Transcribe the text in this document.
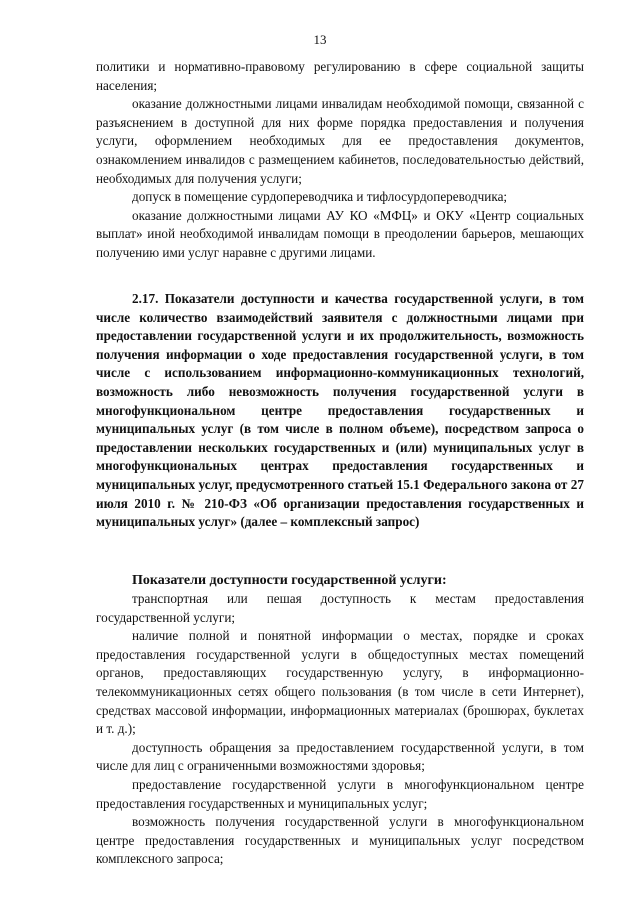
13

политики и нормативно-правовому регулированию в сфере социальной защиты населения;

оказание должностными лицами инвалидам необходимой помощи, связанной с разъяснением в доступной для них форме порядка предоставления и получения услуги, оформлением необходимых для ее предоставления документов, ознакомлением инвалидов с размещением кабинетов, последовательностью действий, необходимых для получения услуги;

допуск в помещение сурдопереводчика и тифлосурдопереводчика;

оказание должностными лицами АУ КО «МФЦ» и ОКУ «Центр социальных выплат» иной необходимой инвалидам помощи в преодолении барьеров, мешающих получению ими услуг наравне с другими лицами.

2.17. Показатели доступности и качества государственной услуги, в том числе количество взаимодействий заявителя с должностными лицами при предоставлении государственной услуги и их продолжительность, возможность получения информации о ходе предоставления государственной услуги, в том числе с использованием информационно-коммуникационных технологий, возможность либо невозможность получения государственной услуги в многофункциональном центре предоставления государственных и муниципальных услуг (в том числе в полном объеме), посредством запроса о предоставлении нескольких государственных и (или) муниципальных услуг в многофункциональных центрах предоставления государственных и муниципальных услуг, предусмотренного статьей 15.1 Федерального закона от 27 июля 2010 г. № 210-ФЗ «Об организации предоставления государственных и муниципальных услуг» (далее – комплексный запрос)

Показатели доступности государственной услуги:

транспортная или пешая доступность к местам предоставления государственной услуги;

наличие полной и понятной информации о местах, порядке и сроках предоставления государственной услуги в общедоступных местах помещений органов, предоставляющих государственную услугу, в информационно-телекоммуникационных сетях общего пользования (в том числе в сети Интернет), средствах массовой информации, информационных материалах (брошюрах, буклетах и т. д.);

доступность обращения за предоставлением государственной услуги, в том числе для лиц с ограниченными возможностями здоровья;

предоставление государственной услуги в многофункциональном центре предоставления государственных и муниципальных услуг;

возможность получения государственной услуги в многофункциональном центре предоставления государственных и муниципальных услуг посредством комплексного запроса;
